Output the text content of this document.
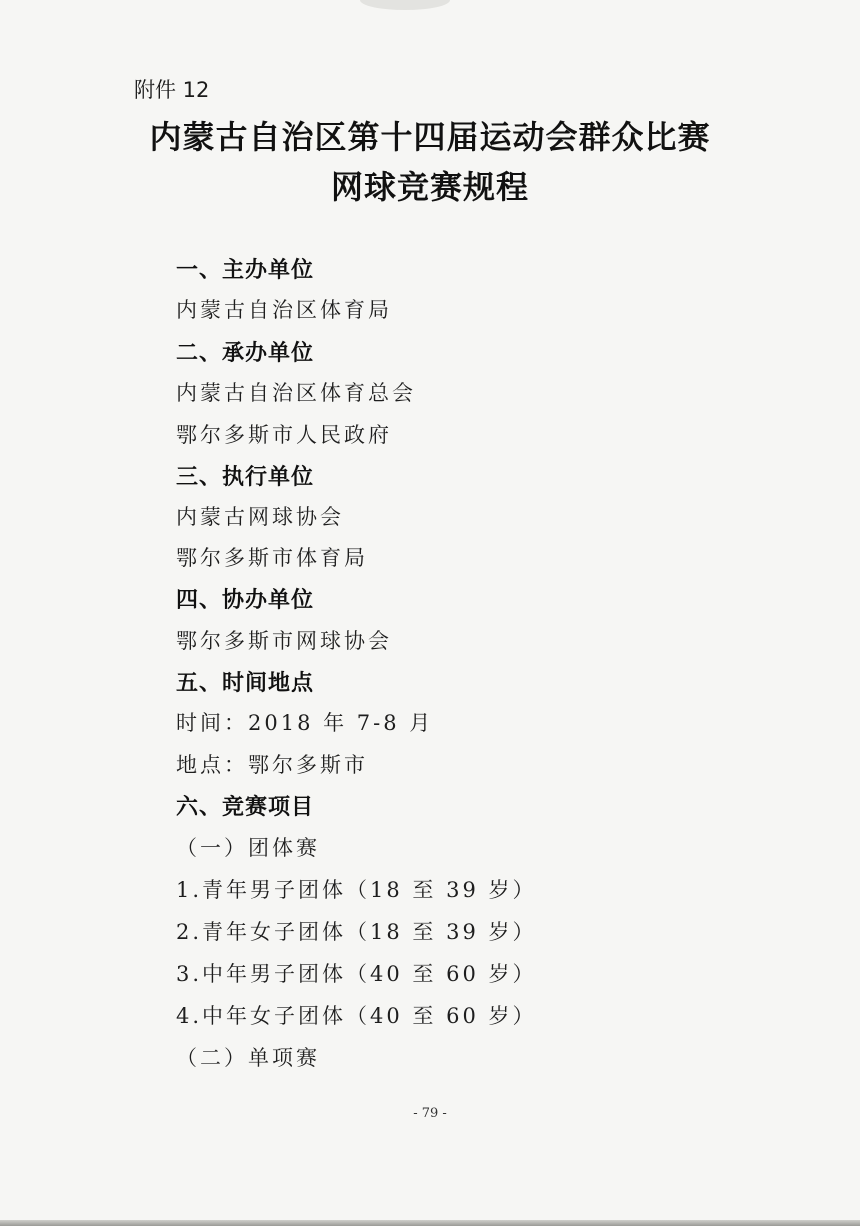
附件 12
内蒙古自治区第十四届运动会群众比赛
网球竞赛规程
一、主办单位
内蒙古自治区体育局
二、承办单位
内蒙古自治区体育总会
鄂尔多斯市人民政府
三、执行单位
内蒙古网球协会
鄂尔多斯市体育局
四、协办单位
鄂尔多斯市网球协会
五、时间地点
时间：2018 年 7-8 月
地点：鄂尔多斯市
六、竞赛项目
（一）团体赛
1.青年男子团体（18 至 39 岁）
2.青年女子团体（18 至 39 岁）
3.中年男子团体（40 至 60 岁）
4.中年女子团体（40 至 60 岁）
（二）单项赛
- 79 -
